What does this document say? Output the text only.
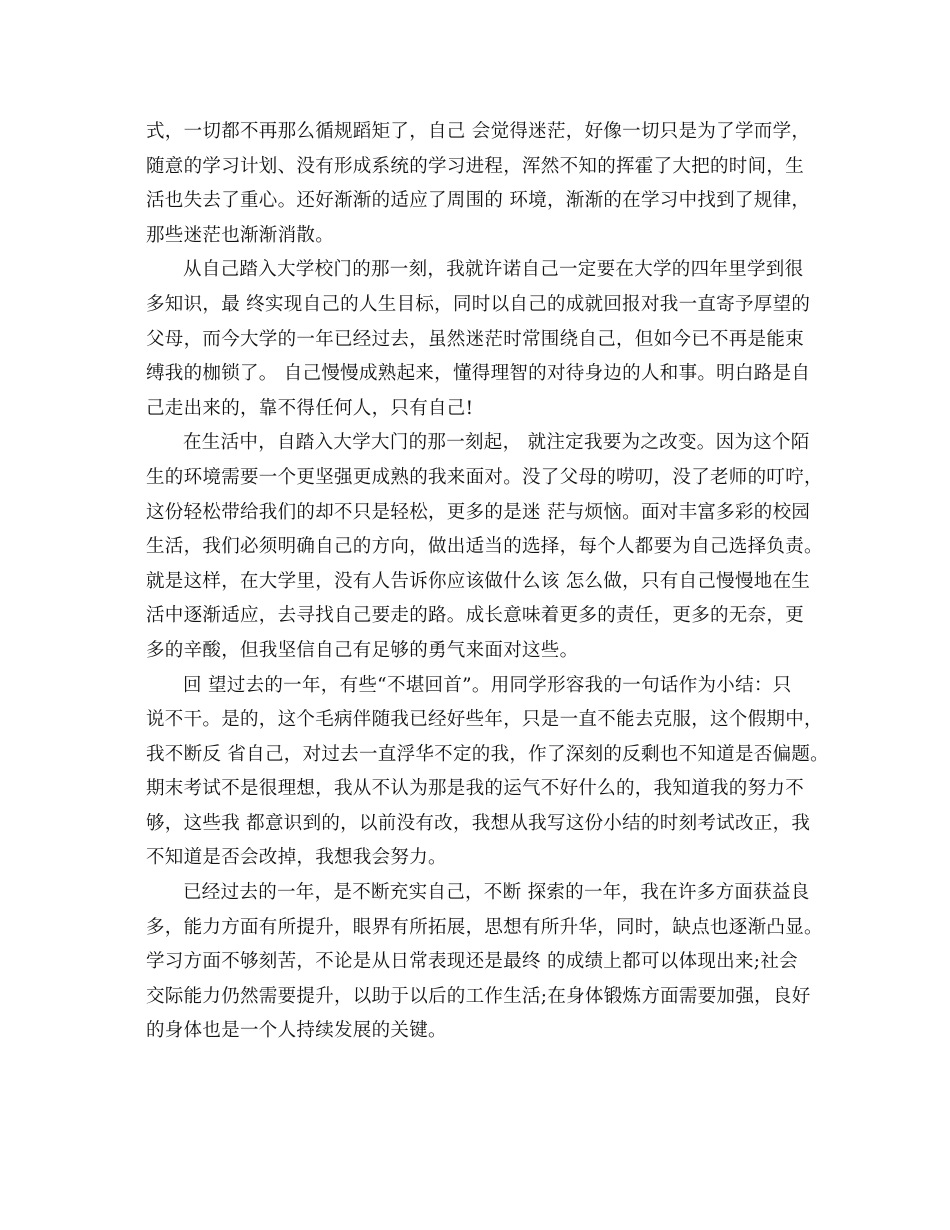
式，一切都不再那么循规蹈矩了，自己 会觉得迷茫，好像一切只是为了学而学，
随意的学习计划、没有形成系统的学习进程，浑然不知的挥霍了大把的时间，生
活也失去了重心。还好渐渐的适应了周围的 环境，渐渐的在学习中找到了规律，
那些迷茫也渐渐消散。
从自己踏入大学校门的那一刻，我就许诺自己一定要在大学的四年里学到很
多知识，最 终实现自己的人生目标，同时以自己的成就回报对我一直寄予厚望的
父母，而今大学的一年已经过去，虽然迷茫时常围绕自己，但如今已不再是能束
缚我的枷锁了。 自己慢慢成熟起来，懂得理智的对待身边的人和事。明白路是自
己走出来的，靠不得任何人，只有自己!
在生活中，自踏入大学大门的那一刻起， 就注定我要为之改变。因为这个陌
生的环境需要一个更坚强更成熟的我来面对。没了父母的唠叨，没了老师的叮咛，
这份轻松带给我们的却不只是轻松，更多的是迷 茫与烦恼。面对丰富多彩的校园
生活，我们必须明确自己的方向，做出适当的选择，每个人都要为自己选择负责。
就是这样，在大学里，没有人告诉你应该做什么该 怎么做，只有自己慢慢地在生
活中逐渐适应，去寻找自己要走的路。成长意味着更多的责任，更多的无奈，更
多的辛酸，但我坚信自己有足够的勇气来面对这些。
回 望过去的一年，有些“不堪回首”。用同学形容我的一句话作为小结：只
说不干。是的，这个毛病伴随我已经好些年，只是一直不能去克服，这个假期中，
我不断反 省自己，对过去一直浮华不定的我，作了深刻的反剩也不知道是否偏题。
期末考试不是很理想，我从不认为那是我的运气不好什么的，我知道我的努力不
够，这些我 都意识到的，以前没有改，我想从我写这份小结的时刻考试改正，我
不知道是否会改掉，我想我会努力。
已经过去的一年，是不断充实自己，不断 探索的一年，我在许多方面获益良
多，能力方面有所提升，眼界有所拓展，思想有所升华，同时，缺点也逐渐凸显。
学习方面不够刻苦，不论是从日常表现还是最终 的成绩上都可以体现出来;社会
交际能力仍然需要提升，以助于以后的工作生活;在身体锻炼方面需要加强，良好
的身体也是一个人持续发展的关键。
